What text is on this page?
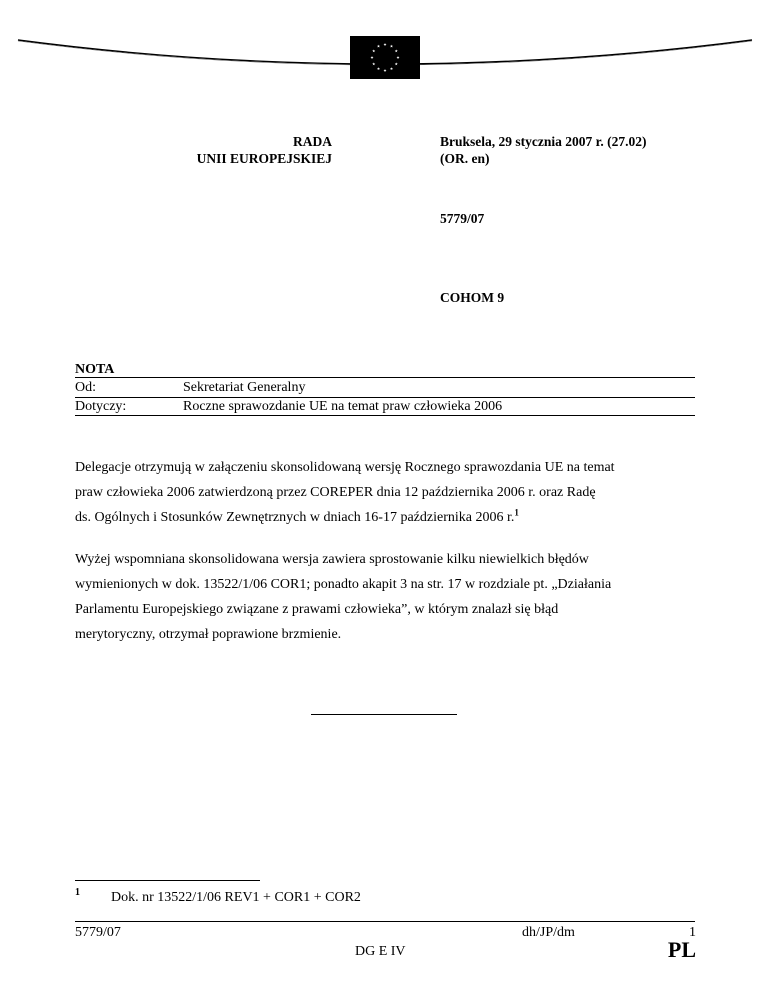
RADA
UNII EUROPEJSKIEJ
Bruksela, 29 stycznia 2007 r. (27.02)
(OR. en)
5779/07
COHOM 9
NOTA
Od:	Sekretariat Generalny
Dotyczy:	Roczne sprawozdanie UE na temat praw człowieka 2006
Delegacje otrzymują w załączeniu skonsolidowaną wersję Rocznego sprawozdania UE na temat
praw człowieka 2006 zatwierdzoną przez COREPER dnia 12 października 2006 r. oraz Radę
ds. Ogólnych i Stosunków Zewnętrznych w dniach 16-17 października 2006 r.$^1$
Wyżej wspomniana skonsolidowana wersja zawiera sprostowanie kilku niewielkich błędów
wymienionych w dok. 13522/1/06 COR1; ponadto akapit 3 na str. 17 w rozdziale pt. „Działania
Parlamentu Europejskiego związane z prawami człowieka”, w którym znalazł się błąd
merytoryczny, otrzymał poprawione brzmienie.
1 Dok. nr 13522/1/06 REV1 + COR1 + COR2
5779/07	dh/JP/dm	1
DG E IV	PL
